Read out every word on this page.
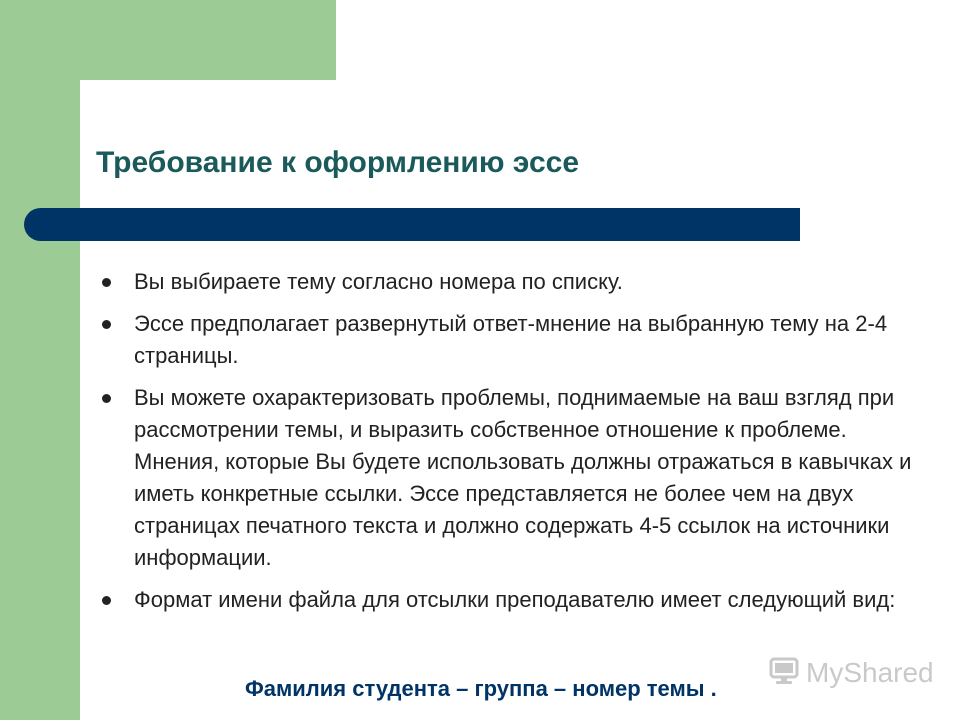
Требование к оформлению эссе
Вы выбираете тему согласно номера по списку.
Эссе предполагает развернутый ответ-мнение на выбранную тему на 2-4 страницы.
Вы можете охарактеризовать проблемы, поднимаемые на ваш взгляд при рассмотрении темы, и выразить собственное отношение к проблеме. Мнения, которые Вы будете использовать должны отражаться в кавычках и иметь конкретные ссылки. Эссе представляется не более чем на двух страницах печатного текста и должно содержать 4-5 ссылок на источники информации.
Формат имени файла для отсылки преподавателю имеет следующий вид:

Фамилия студента – группа – номер темы .

MyShared
